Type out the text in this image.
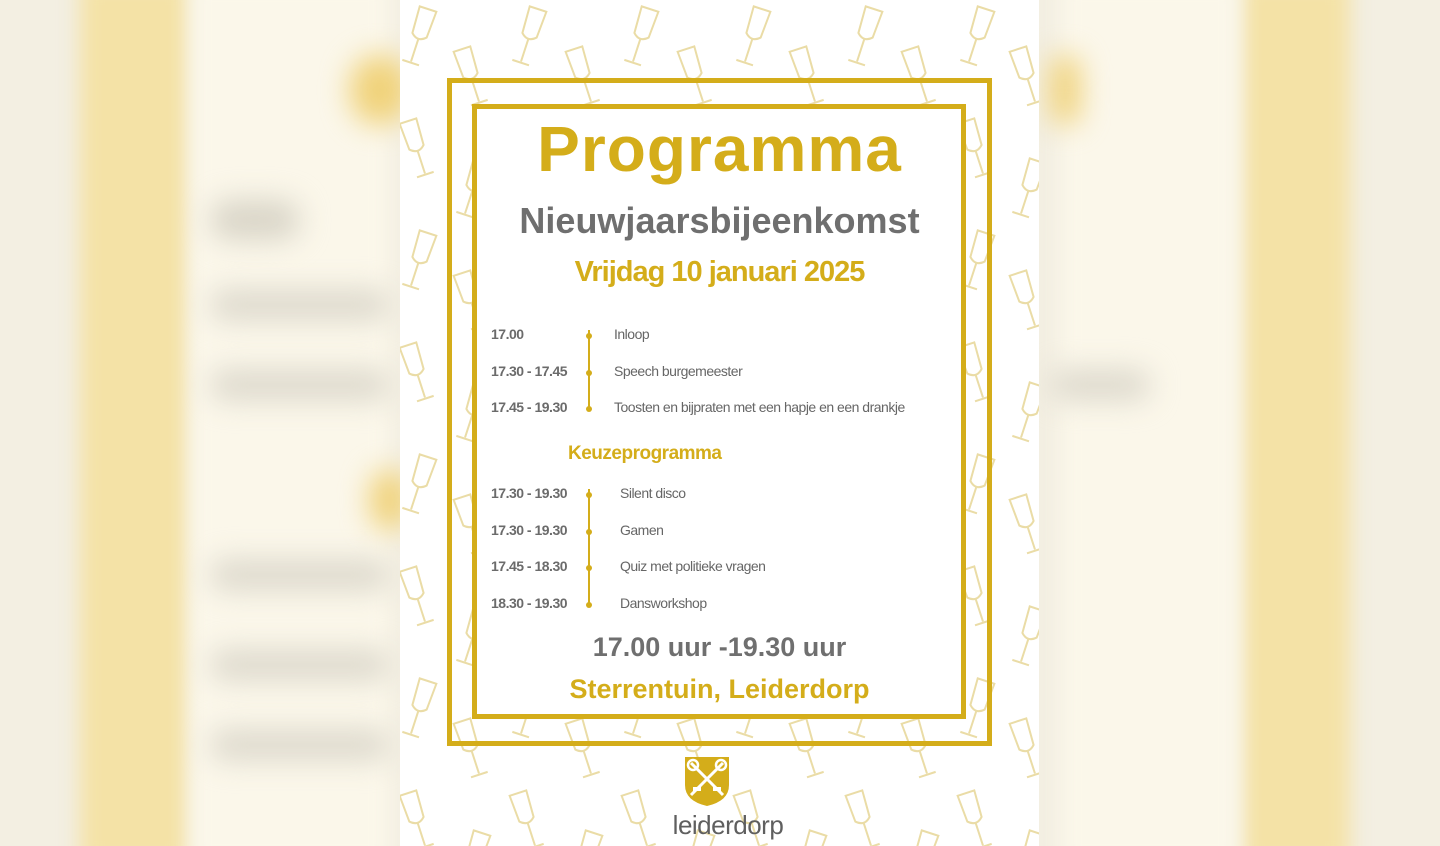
Programma
Nieuwjaarsbijeenkomst
Vrijdag 10 januari 2025
17.00	Inloop
17.30 - 17.45	Speech burgemeester
17.45 - 19.30	Toosten en bijpraten met een hapje en een drankje
Keuzeprogramma
17.30 - 19.30	Silent disco
17.30 - 19.30	Gamen
17.45 - 18.30	Quiz met politieke vragen
18.30 - 19.30	Dansworkshop
17.00 uur -19.30 uur
Sterrentuin, Leiderdorp
leiderdorp
